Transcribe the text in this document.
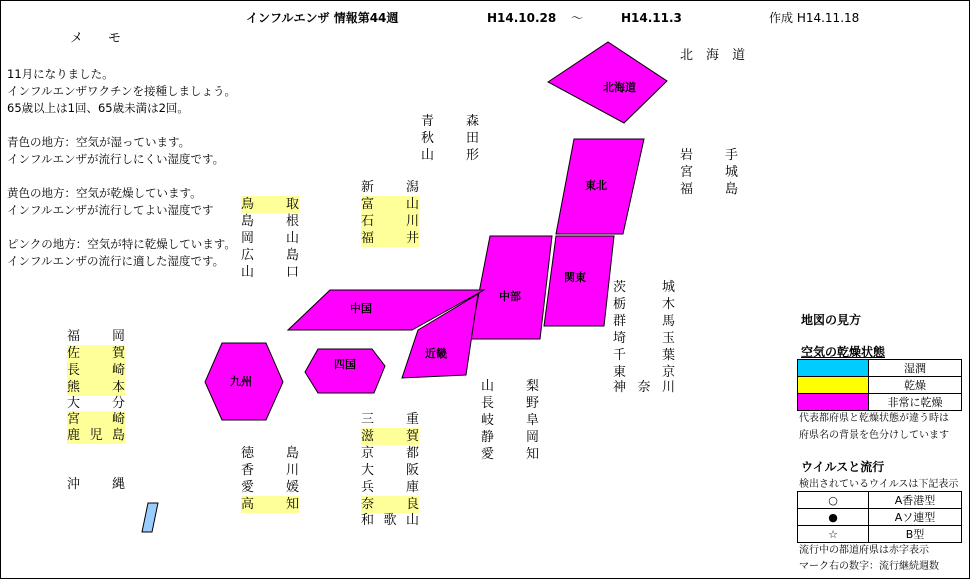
インフルエンザ 情報第44週	H14.10.28 ～	H14.11.3	作成 H14.11.18
メ　モ
11月になりました。
インフルエンザワクチンを接種しましょう。
65歳以上は1回、65歳未満は2回。
青色の地方：空気が湿っています。
インフルエンザが流行しにくい湿度です。
黄色の地方：空気が乾燥しています。
インフルエンザが流行してよい湿度です
ピンクの地方：空気が特に乾燥しています。
インフルエンザの流行に適した湿度です。
北海道
東北
関東
中部
中国
近畿
四国
九州
北　 海　 道
青森
秋田
山形	岩手
宮城
福島
新潟
富山
石川
福井
鳥取
島根
岡山
広島
山口
茨城
栃木
群馬
埼玉
千葉
東京
神奈川
山梨
長野
岐阜
静岡
愛知
三重
滋賀
京都
大阪
兵庫
奈良
和歌山
徳島
香川
愛媛
高知
福岡
佐賀
長崎
熊本
大分
宮崎
鹿児島
沖縄
地図の見方
空気の乾燥状態
	湿潤
	乾燥
	非常に乾燥
代表都府県と乾燥状態が違う時は
府県名の背景を色分けしています
ウイルスと流行
検出されているウイルスは下記表示
○	A香港型
●	Aソ連型
☆	B型
流行中の都道府県は赤字表示
マーク右の数字：流行継続週数
